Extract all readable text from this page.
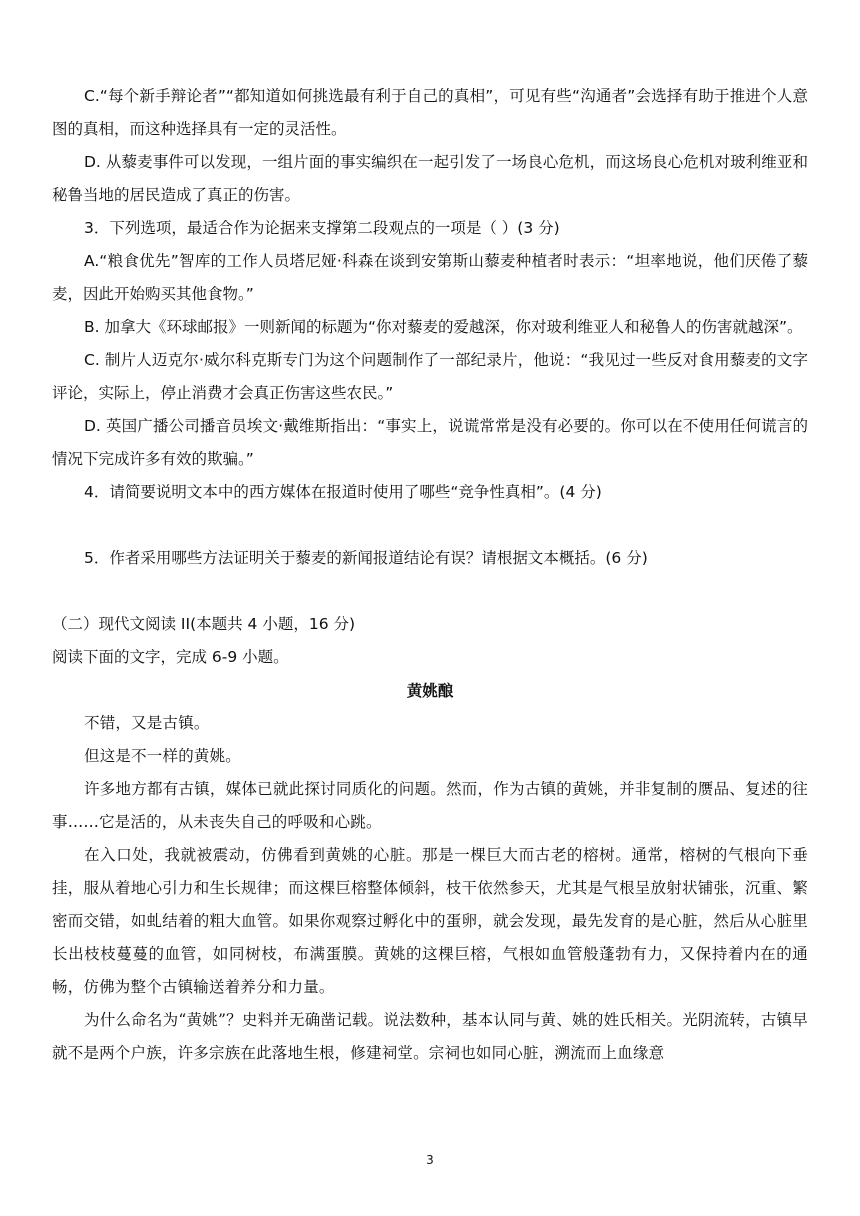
C.“每个新手辩论者”“都知道如何挑选最有利于自己的真相”，可见有些“沟通者”会选择有助于推进个人意图的真相，而这种选择具有一定的灵活性。

D. 从藜麦事件可以发现，一组片面的事实编织在一起引发了一场良心危机，而这场良心危机对玻利维亚和秘鲁当地的居民造成了真正的伤害。

3．下列选项，最适合作为论据来支撑第二段观点的一项是（ ）(3 分)

A.“粮食优先”智库的工作人员塔尼娅·科森在谈到安第斯山藜麦种植者时表示：“坦率地说，他们厌倦了藜麦，因此开始购买其他食物。”

B. 加拿大《环球邮报》一则新闻的标题为“你对藜麦的爱越深，你对玻利维亚人和秘鲁人的伤害就越深”。

C. 制片人迈克尔·威尔科克斯专门为这个问题制作了一部纪录片，他说：“我见过一些反对食用藜麦的文字评论，实际上，停止消费才会真正伤害这些农民。”

D. 英国广播公司播音员埃文·戴维斯指出：“事实上，说谎常常是没有必要的。你可以在不使用任何谎言的情况下完成许多有效的欺骗。”

4．请简要说明文本中的西方媒体在报道时使用了哪些“竞争性真相”。(4 分)

5．作者采用哪些方法证明关于藜麦的新闻报道结论有误？请根据文本概括。(6 分)

（二）现代文阅读 II(本题共 4 小题，16 分)

阅读下面的文字，完成 6-9 小题。

黄姚酿

不错，又是古镇。

但这是不一样的黄姚。

许多地方都有古镇，媒体已就此探讨同质化的问题。然而，作为古镇的黄姚，并非复制的赝品、复述的往事……它是活的，从未丧失自己的呼吸和心跳。

在入口处，我就被震动，仿佛看到黄姚的心脏。那是一棵巨大而古老的榕树。通常，榕树的气根向下垂挂，服从着地心引力和生长规律；而这棵巨榕整体倾斜，枝干依然参天，尤其是气根呈放射状铺张，沉重、繁密而交错，如虬结着的粗大血管。如果你观察过孵化中的蛋卵，就会发现，最先发育的是心脏，然后从心脏里长出枝枝蔓蔓的血管，如同树枝，布满蛋膜。黄姚的这棵巨榕，气根如血管般蓬勃有力，又保持着内在的通畅，仿佛为整个古镇输送着养分和力量。

为什么命名为“黄姚”？史料并无确凿记载。说法数种，基本认同与黄、姚的姓氏相关。光阴流转，古镇早就不是两个户族，许多宗族在此落地生根，修建祠堂。宗祠也如同心脏，溯流而上血缘意

3
